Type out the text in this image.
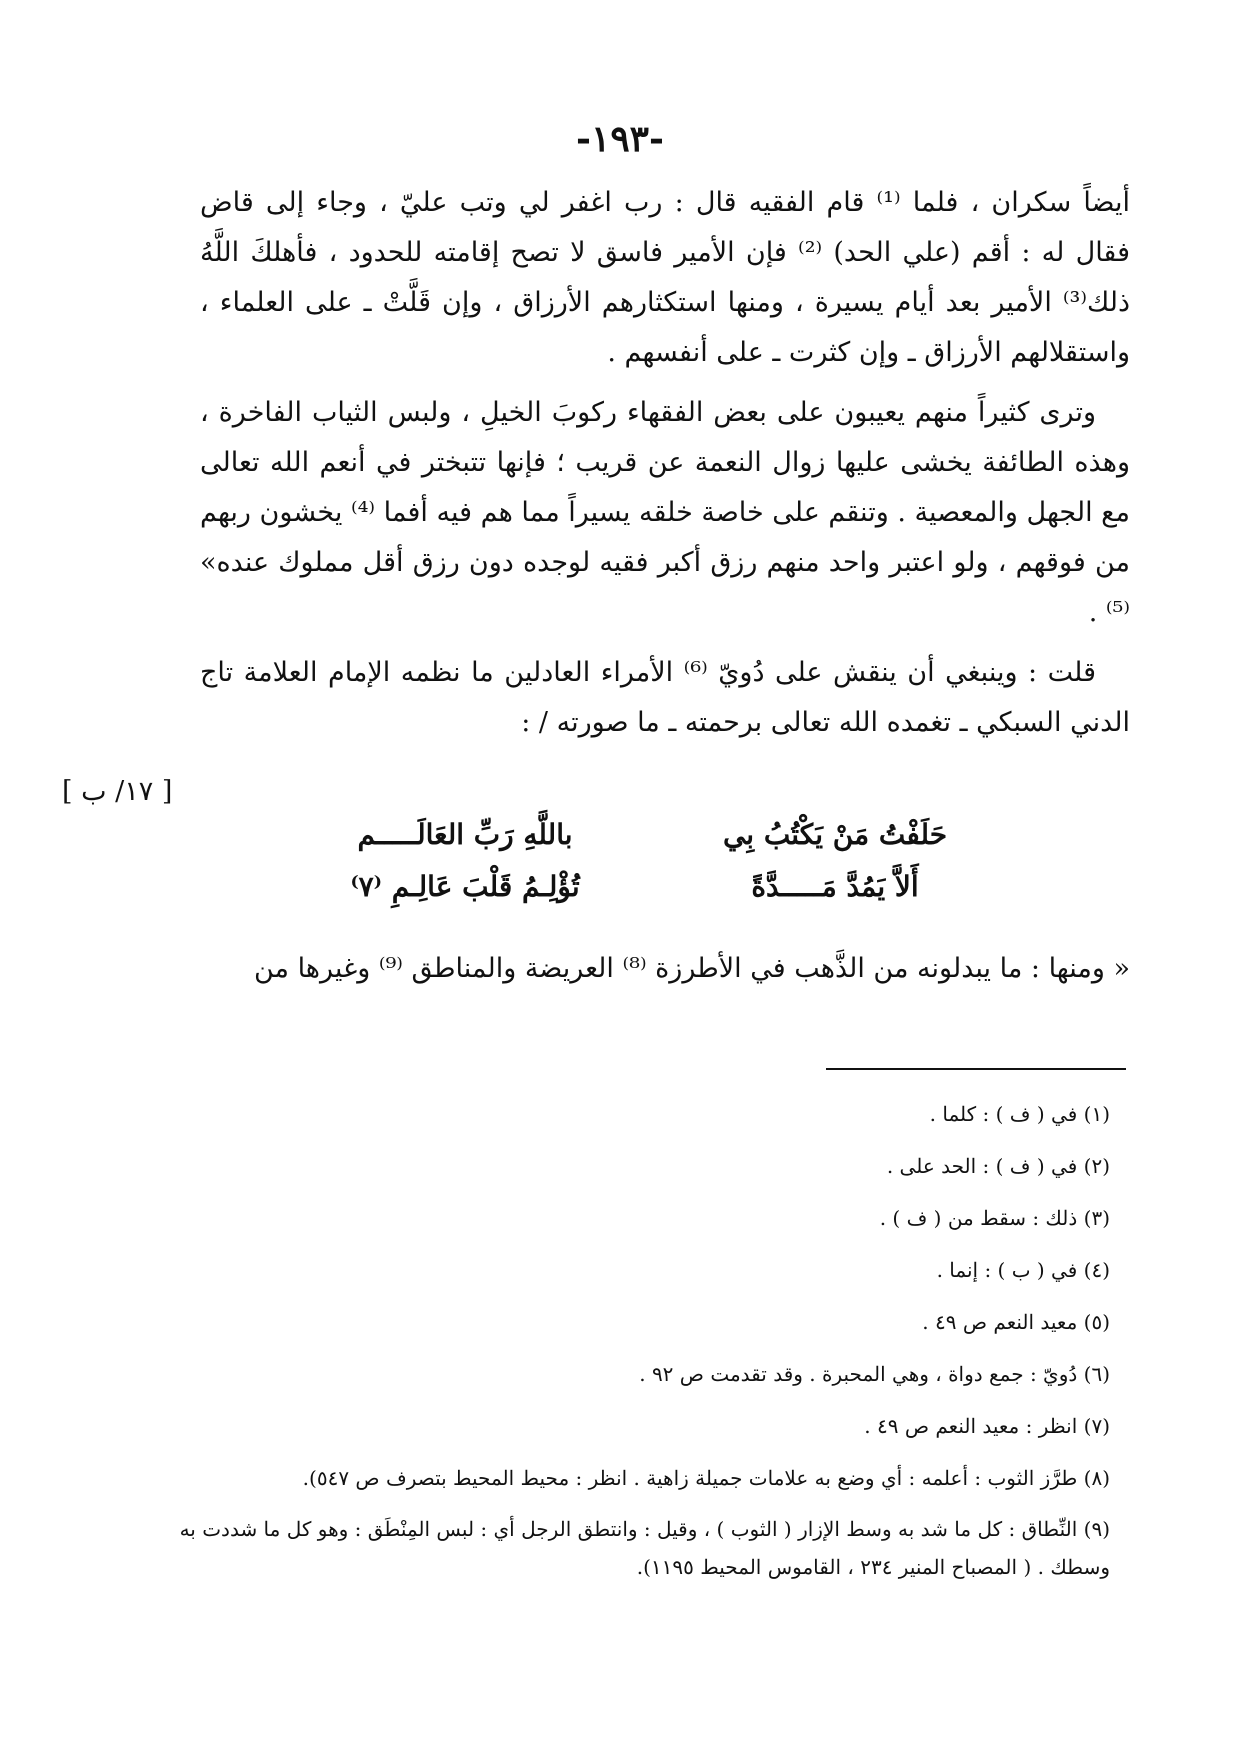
-١٩٣-

أيضاً سكران ، فلما ⁽¹⁾ قام الفقيه قال : رب اغفر لي وتب عليّ ، وجاء إلى قاض فقال له : أقم (علي الحد) ⁽²⁾ فإن الأمير فاسق لا تصح إقامته للحدود ، فأهلكَ اللَّهُ ذلك⁽³⁾ الأمير بعد أيام يسيرة ، ومنها استكثارهم الأرزاق ، وإن قَلَّتْ ـ على العلماء ، واستقلالهم الأرزاق ـ وإن كثرت ـ على أنفسهم .

وترى كثيراً منهم يعيبون على بعض الفقهاء ركوبَ الخيلِ ، ولبس الثياب الفاخرة ، وهذه الطائفة يخشى عليها زوال النعمة عن قريب ؛ فإنها تتبختر في أنعم الله تعالى مع الجهل والمعصية . وتنقم على خاصة خلقه يسيراً مما هم فيه أفما ⁽⁴⁾ يخشون ربهم من فوقهم ، ولو اعتبر واحد منهم رزق أكبر فقيه لوجده دون رزق أقل مملوك عنده» ⁽⁵⁾ .

قلت : وينبغي أن ينقش على دُويّ ⁽⁶⁾ الأمراء العادلين ما نظمه الإمام العلامة تاج الدني السبكي ـ تغمده الله تعالى برحمته ـ ما صورته / :

[ ١٧/ ب ]
حَلَفْتُ مَنْ يَكْتُبُ بِي
باللَّهِ رَبِّ العَالَـــــم
أَلاَّ يَمُدَّ مَـــــدَّةً
تُؤْلِـمُ قَلْبَ عَالِـمِ ⁽٧⁾
« ومنها : ما يبدلونه من الذَّهب في الأطرزة ⁽⁸⁾ العريضة والمناطق ⁽⁹⁾ وغيرها من

(١) في ( ف ) : كلما .

(٢) في ( ف ) : الحد على .

(٣) ذلك : سقط من ( ف ) .

(٤) في ( ب ) : إنما .

(٥) معيد النعم ص ٤٩ .

(٦) دُويّ : جمع دواة ، وهي المحبرة . وقد تقدمت ص ٩٢ .

(٧) انظر : معيد النعم ص ٤٩ .

(٨) طرَّز الثوب : أعلمه : أي وضع به علامات جميلة زاهية . انظر : محيط المحيط بتصرف ص ٥٤٧).

(٩) النِّطاق : كل ما شد به وسط الإزار ( الثوب ) ، وقيل : وانتطق الرجل أي : لبس المِنْطَق : وهو كل ما شددت به وسطك . ( المصباح المنير ٢٣٤ ، القاموس المحيط ١١٩٥).
